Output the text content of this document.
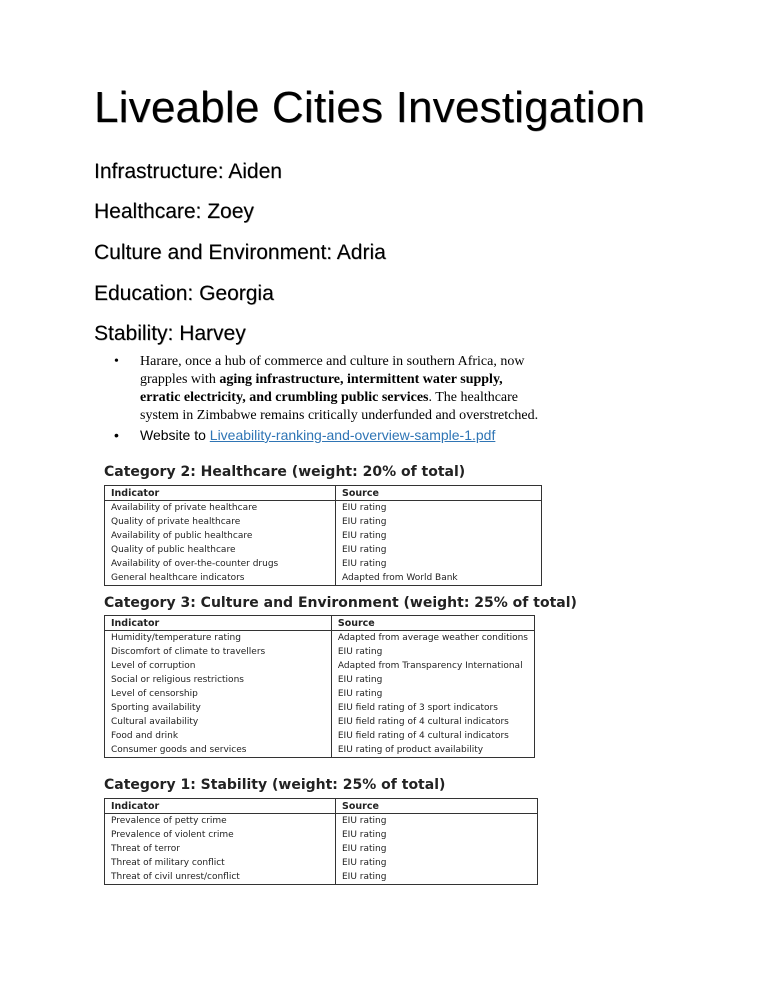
Liveable Cities Investigation
Infrastructure: Aiden
Healthcare: Zoey
Culture and Environment: Adria
Education: Georgia
Stability: Harvey
• Harare, once a hub of commerce and culture in southern Africa, now grapples with aging infrastructure, intermittent water supply, erratic electricity, and crumbling public services. The healthcare system in Zimbabwe remains critically underfunded and overstretched.
• Website to Liveability-ranking-and-overview-sample-1.pdf
Category 2: Healthcare (weight: 20% of total)
Indicator	Source
Availability of private healthcare	EIU rating
Quality of private healthcare	EIU rating
Availability of public healthcare	EIU rating
Quality of public healthcare	EIU rating
Availability of over-the-counter drugs	EIU rating
General healthcare indicators	Adapted from World Bank
Category 3: Culture and Environment (weight: 25% of total)
Indicator	Source
Humidity/temperature rating	Adapted from average weather conditions
Discomfort of climate to travellers	EIU rating
Level of corruption	Adapted from Transparency International
Social or religious restrictions	EIU rating
Level of censorship	EIU rating
Sporting availability	EIU field rating of 3 sport indicators
Cultural availability	EIU field rating of 4 cultural indicators
Food and drink	EIU field rating of 4 cultural indicators
Consumer goods and services	EIU rating of product availability
Category 1: Stability (weight: 25% of total)
Indicator	Source
Prevalence of petty crime	EIU rating
Prevalence of violent crime	EIU rating
Threat of terror	EIU rating
Threat of military conflict	EIU rating
Threat of civil unrest/conflict	EIU rating
